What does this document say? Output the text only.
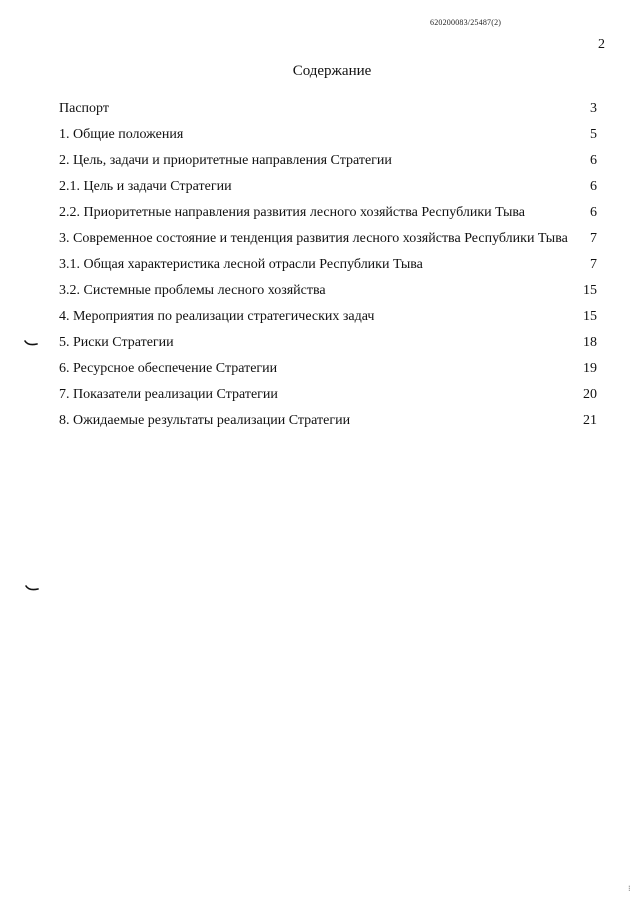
620200083/25487(2)
2
Содержание
Паспорт	3
1. Общие положения	5
2. Цель, задачи и приоритетные направления Стратегии	6
2.1. Цель и задачи Стратегии	6
2.2. Приоритетные направления развития лесного хозяйства Республики Тыва	6
3. Современное состояние и тенденция развития лесного хозяйства Республики Тыва	7
3.1. Общая характеристика лесной отрасли Республики Тыва	7
3.2. Системные проблемы лесного хозяйства	15
4. Мероприятия по реализации стратегических задач	15
5. Риски Стратегии	18
6. Ресурсное обеспечение Стратегии	19
7. Показатели реализации Стратегии	20
8. Ожидаемые результаты реализации Стратегии	21
⁝
